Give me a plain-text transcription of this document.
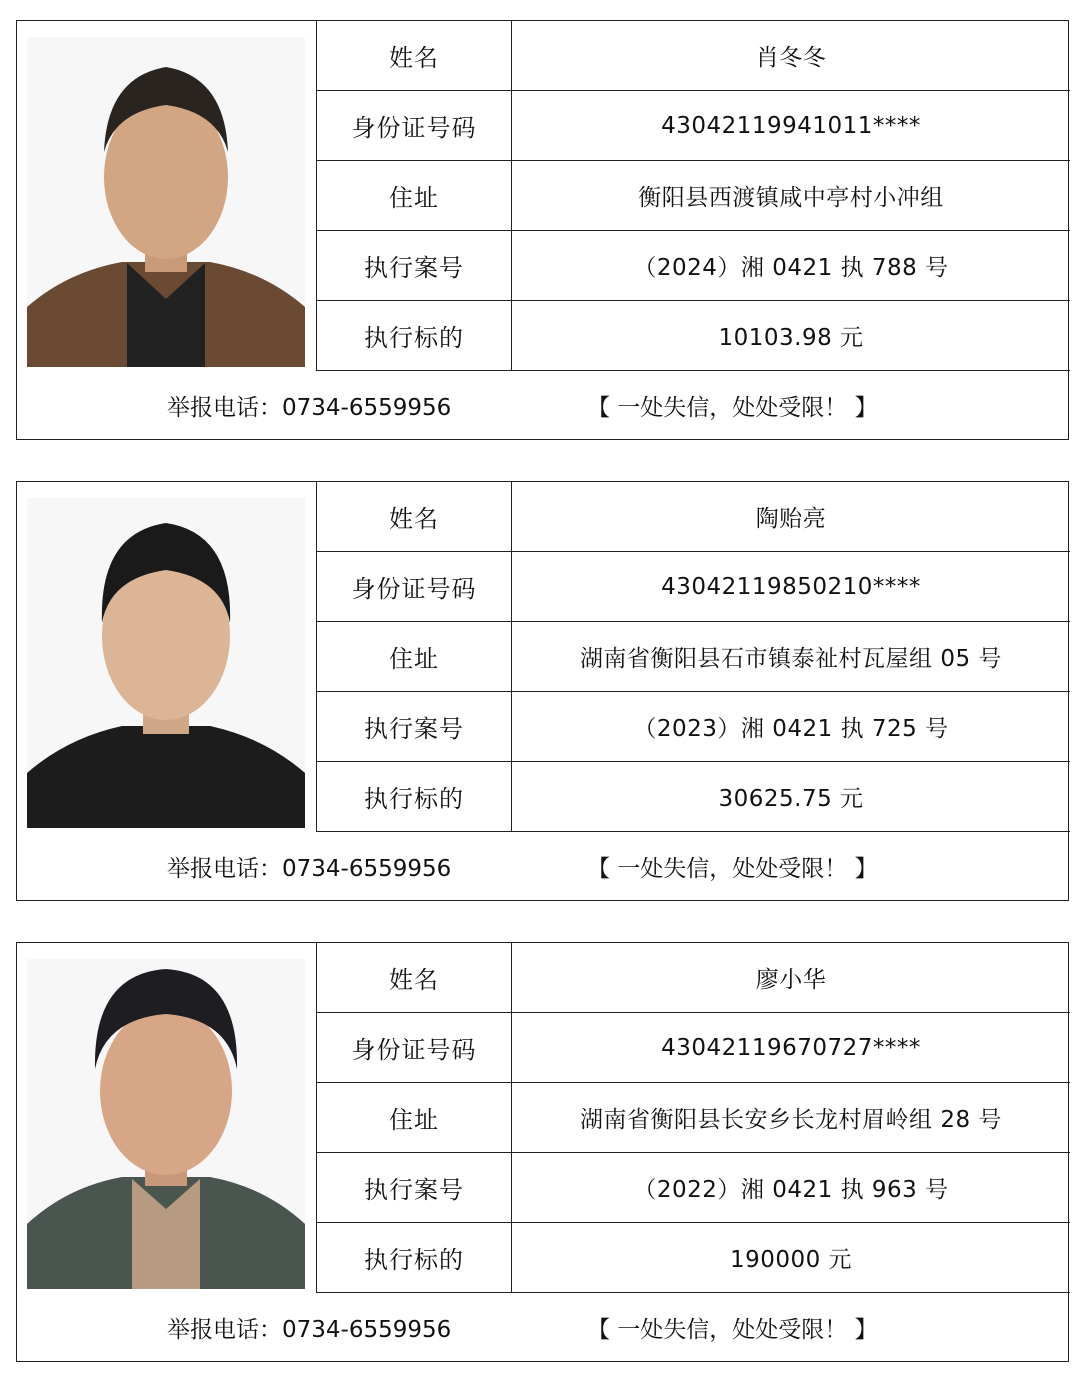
姓名	肖冬冬
身份证号码	43042119941011****
住址	衡阳县西渡镇咸中亭村小冲组
执行案号	（2024）湘 0421 执 788 号
执行标的	10103.98 元
举报电话：0734-6559956	【 一处失信，处处受限！ 】
姓名	陶贻亮
身份证号码	43042119850210****
住址	湖南省衡阳县石市镇泰祉村瓦屋组 05 号
执行案号	（2023）湘 0421 执 725 号
执行标的	30625.75 元
举报电话：0734-6559956	【 一处失信，处处受限！ 】
姓名	廖小华
身份证号码	43042119670727****
住址	湖南省衡阳县长安乡长龙村眉岭组 28 号
执行案号	（2022）湘 0421 执 963 号
执行标的	190000 元
举报电话：0734-6559956	【 一处失信，处处受限！ 】
